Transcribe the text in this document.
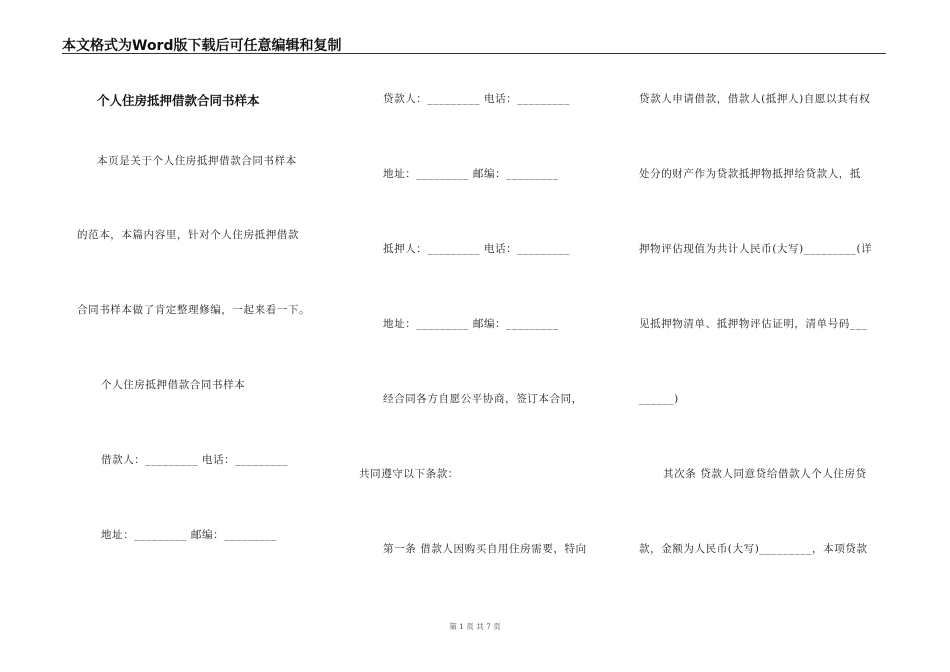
本文格式为Word版下载后可任意编辑和复制
个人住房抵押借款合同书样本
本页是关于个人住房抵押借款合同书样本
的范本，本篇内容里，针对个人住房抵押借款
合同书样本做了肯定整理修编，一起来看一下。
个人住房抵押借款合同书样本
借款人：_________ 电话：_________
地址：_________ 邮编：_________
贷款人：_________ 电话：_________
地址：_________ 邮编：_________
抵押人：_________ 电话：_________
地址：_________ 邮编：_________
经合同各方自愿公平协商，签订本合同，
共同遵守以下条款：
第一条 借款人因购买自用住房需要，特向
贷款人申请借款，借款人(抵押人)自愿以其有权
处分的财产作为贷款抵押物抵押给贷款人，抵
押物评估现值为共计人民币(大写)_________(详
见抵押物清单、抵押物评估证明，清单号码___
______)
其次条 贷款人同意贷给借款人个人住房贷
款，金额为人民币(大写)_________，本项贷款
第 1 页 共 7 页
